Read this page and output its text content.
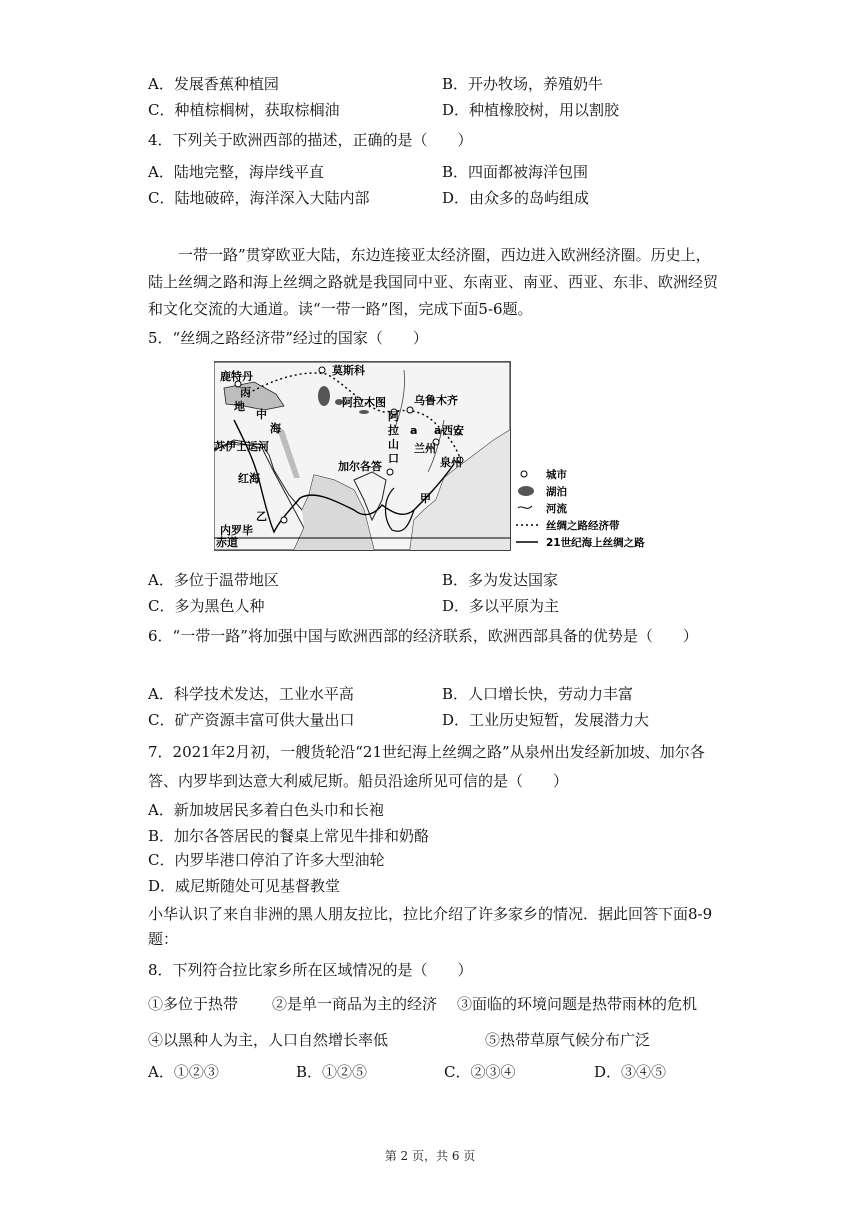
A．发展香蕉种植园	B．开办牧场，养殖奶牛
C．种植棕榈树，获取棕榈油	D．种植橡胶树，用以割胶
4．下列关于欧洲西部的描述，正确的是（　　）
A．陆地完整，海岸线平直	B．四面都被海洋包围
C．陆地破碎，海洋深入大陆内部	D．由众多的岛屿组成
一带一路”贯穿欧亚大陆，东边连接亚太经济圈，西边进入欧洲经济圈。历史上，陆上丝绸之路和海上丝绸之路就是我国同中亚、东南亚、南亚、西亚、东非、欧洲经贸和文化交流的大通道。读“一带一路”图，完成下面5-6题。
5．“丝绸之路经济带”经过的国家（　　）
莫斯科
鹿特丹
丙
地
中
海
苏伊士运河
阿拉木图	乌鲁木齐
西安
兰州
泉州
阿
拉
山
口
a a
加尔各答
红海
甲
乙
内罗毕
赤道
城市
湖泊
河流
丝绸之路经济带
21世纪海上丝绸之路
A．多位于温带地区	B．多为发达国家
C．多为黑色人种	D．多以平原为主
6．“一带一路”将加强中国与欧洲西部的经济联系，欧洲西部具备的优势是（　　）
A．科学技术发达，工业水平高	B．人口增长快，劳动力丰富
C．矿产资源丰富可供大量出口	D．工业历史短暂，发展潜力大
7．2021年2月初，一艘货轮沿“21世纪海上丝绸之路”从泉州出发经新加坡、加尔各答、内罗毕到达意大利威尼斯。船员沿途所见可信的是（　　）
A．新加坡居民多着白色头巾和长袍
B．加尔各答居民的餐桌上常见牛排和奶酪
C．内罗毕港口停泊了许多大型油轮
D．威尼斯随处可见基督教堂
小华认识了来自非洲的黑人朋友拉比，拉比介绍了许多家乡的情况．据此回答下面8-9题：
8．下列符合拉比家乡所在区域情况的是（　　）
①多位于热带 ②是单一商品为主的经济 ③面临的环境问题是热带雨林的危机
④以黑种人为主，人口自然增长率低	⑤热带草原气候分布广泛
A．①②③	B．①②⑤	C．②③④	D．③④⑤
第 2 页，共 6 页
